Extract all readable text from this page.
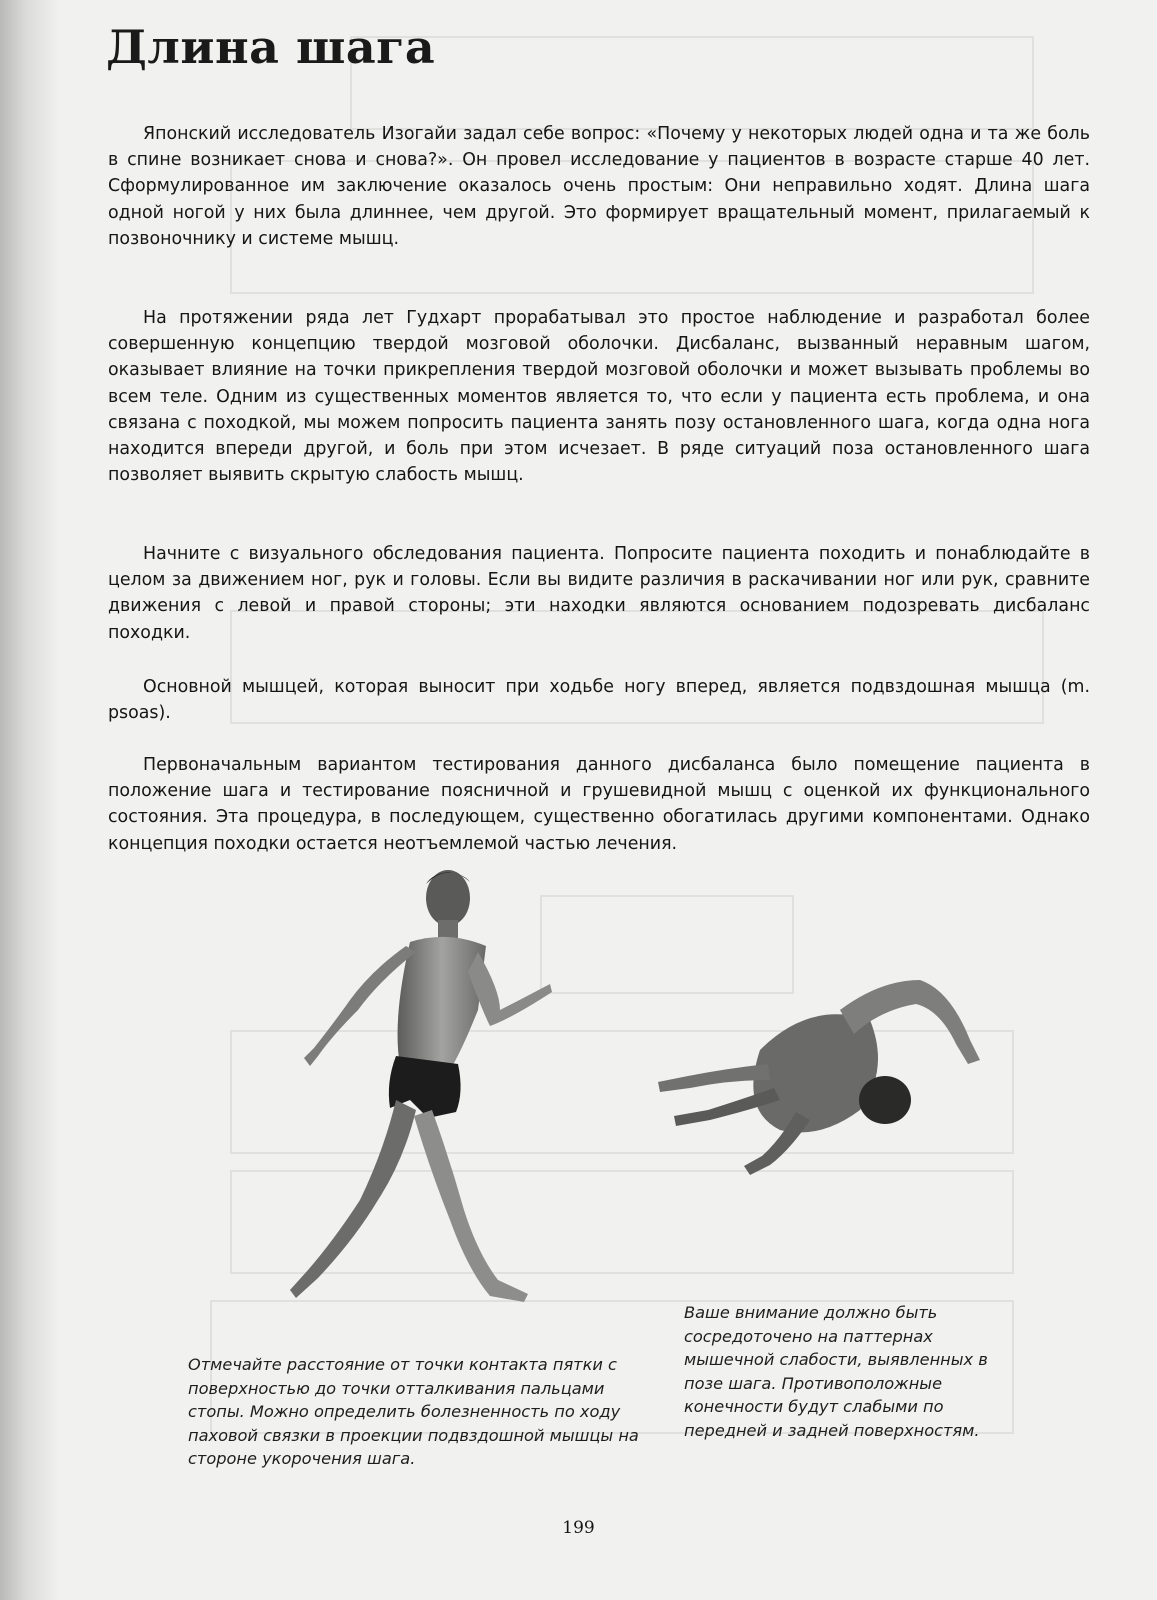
Длина шага

Японский исследователь Изогайи задал себе вопрос: «Почему у некоторых людей одна и та же боль в спине возникает снова и снова?». Он провел исследование у пациентов в возрасте старше 40 лет. Сформулированное им заключение оказалось очень простым: Они неправильно ходят. Длина шага одной ногой у них была длиннее, чем другой. Это формирует вращательный момент, прилагаемый к позвоночнику и системе мышц.

На протяжении ряда лет Гудхарт прорабатывал это простое наблюдение и разработал более совершенную концепцию твердой мозговой оболочки. Дисбаланс, вызванный неравным шагом, оказывает влияние на точки прикрепления твердой мозговой оболочки и может вызывать проблемы во всем теле. Одним из существенных моментов является то, что если у пациента есть проблема, и она связана с походкой, мы можем попросить пациента занять позу остановленного шага, когда одна нога находится впереди другой, и боль при этом исчезает. В ряде ситуаций поза остановленного шага позволяет выявить скрытую слабость мышц.

Начните с визуального обследования пациента. Попросите пациента походить и понаблюдайте в целом за движением ног, рук и головы. Если вы видите различия в раскачивании ног или рук, сравните движения с левой и правой стороны; эти находки являются основанием подозревать дисбаланс походки.

Основной мышцей, которая выносит при ходьбе ногу вперед, является подвздошная мышца (m. psoas).

Первоначальным вариантом тестирования данного дисбаланса было помещение пациента в положение шага и тестирование поясничной и грушевидной мышц с оценкой их функционального состояния. Эта процедура, в последующем, существенно обогатилась другими компонентами. Однако концепция походки остается неотъемлемой частью лечения.

Отмечайте расстояние от точки контакта пятки с поверхностью до точки отталкивания пальцами стопы. Можно определить болезненность по ходу паховой связки в проекции подвздошной мышцы на стороне укорочения шага.

Ваше внимание должно быть сосредоточено на паттернах мышечной слабости, выявленных в позе шага. Противоположные конечности будут слабыми по передней и задней поверхностям.

199
